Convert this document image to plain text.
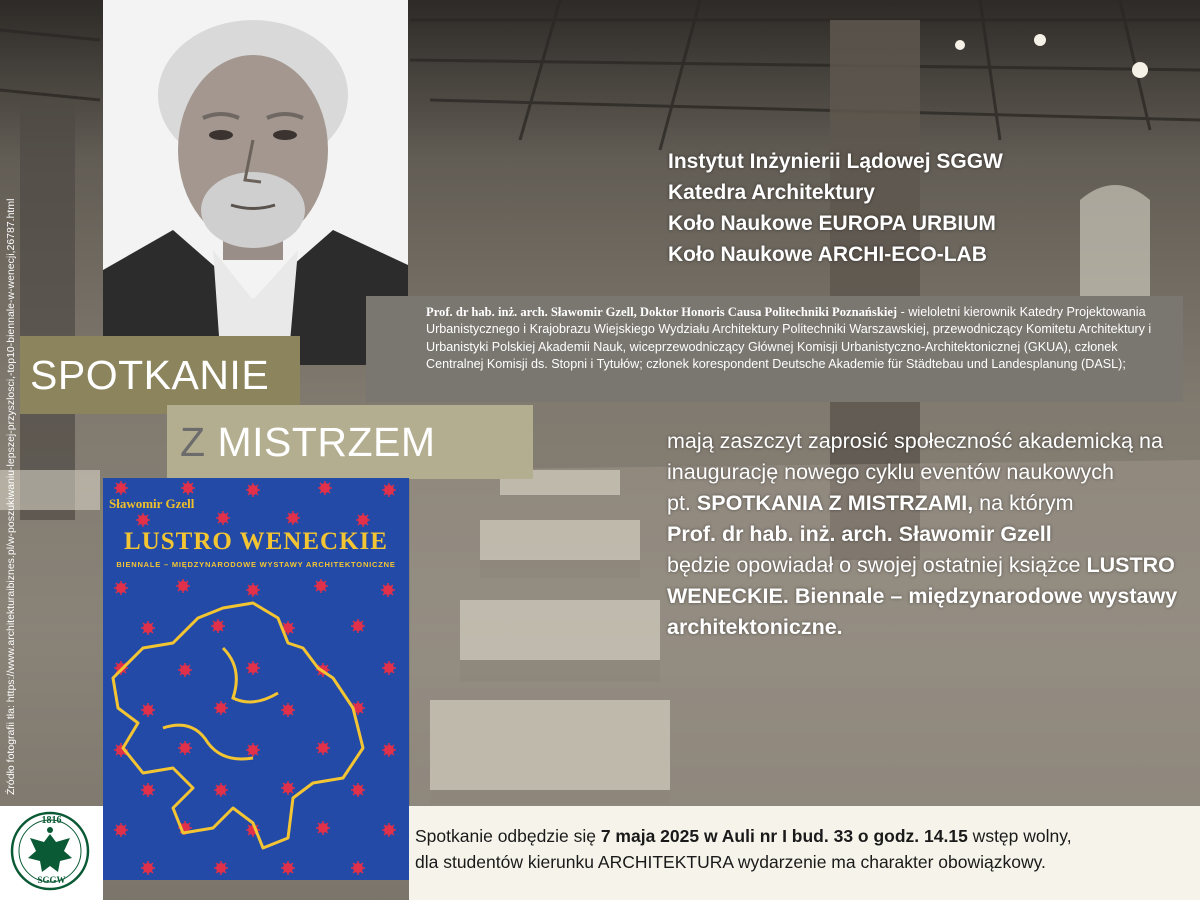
Instytut Inżynierii Lądowej SGGW
Katedra Architektury
Koło Naukowe EUROPA URBIUM
Koło Naukowe ARCHI-ECO-LAB
Prof. dr hab. inż. arch. Sławomir Gzell, Doktor Honoris Causa Politechniki Poznańskiej - wieloletni kierownik Katedry Projektowania Urbanistycznego i Krajobrazu Wiejskiego Wydziału Architektury Politechniki Warszawskiej, przewodniczący Komitetu Architektury i Urbanistyki Polskiej Akademii Nauk, wiceprzewodniczący Głównej Komisji Urbanistyczno-Architektonicznej (GKUA), członek Centralnej Komisji ds. Stopni i Tytułów; członek korespondent Deutsche Akademie für Städtebau und Landesplanung (DASL);
SPOTKANIE
Z MISTRZEM
Sławomir Gzell
LUSTRO WENECKIE
BIENNALE – MIĘDZYNARODOWE WYSTAWY ARCHITEKTONICZNE

mają zaszczyt zaprosić społeczność akademicką na inaugurację nowego cyklu eventów naukowych

pt. SPOTKANIA Z MISTRZAMI, na którym

Prof. dr hab. inż. arch. Sławomir Gzell

będzie opowiadał o swojej ostatniej książce LUSTRO WENECKIE. Biennale – międzynarodowe wystawy architektoniczne.

1816
SGGW
Spotkanie odbędzie się 7 maja 2025 w Auli nr I bud. 33 o godz. 14.15 wstęp wolny,
dla studentów kierunku ARCHITEKTURA wydarzenie ma charakter obowiązkowy.
